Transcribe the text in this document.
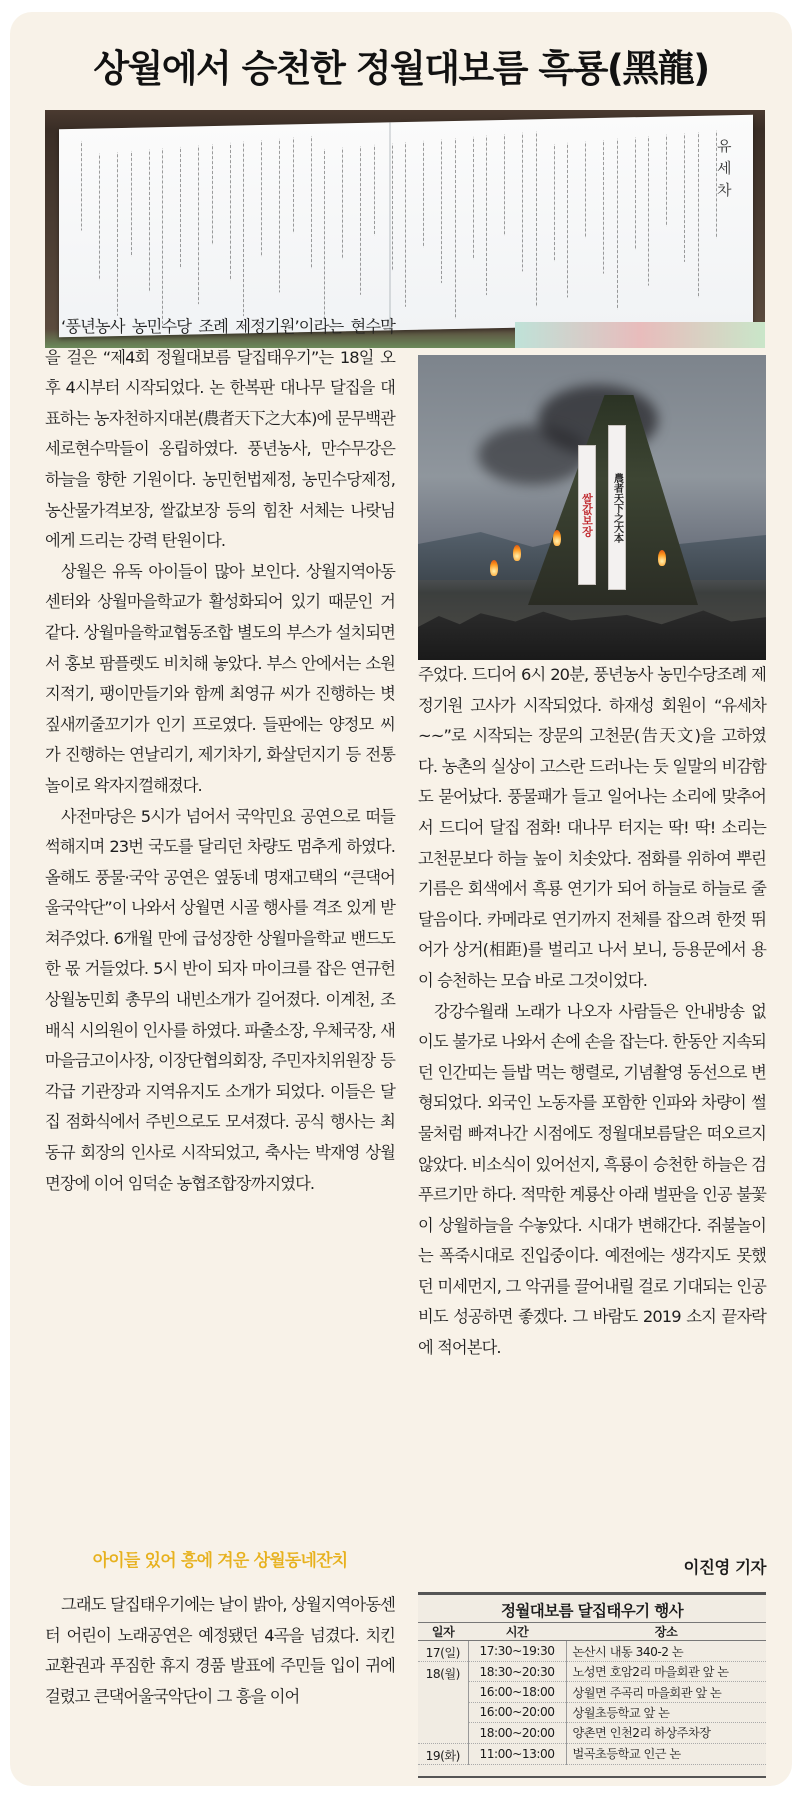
상월에서 승천한 정월대보름 흑룡(黑龍)
유세차
쌀값보장 農者天下之大本

‘풍년농사 농민수당 조례 제정기원’이라는 현수막을 걸은 “제4회 정월대보름 달집태우기”는 18일 오후 4시부터 시작되었다. 논 한복판 대나무 달집을 대표하는 농자천하지대본(農者天下之大本)에 문무백관 세로현수막들이 옹립하였다. 풍년농사, 만수무강은 하늘을 향한 기원이다. 농민헌법제정, 농민수당제정, 농산물가격보장, 쌀값보장 등의 힘찬 서체는 나랏님에게 드리는 강력 탄원이다.

상월은 유독 아이들이 많아 보인다. 상월지역아동센터와 상월마을학교가 활성화되어 있기 때문인 거 같다. 상월마을학교협동조합 별도의 부스가 설치되면서 홍보 팜플렛도 비치해 놓았다. 부스 안에서는 소원지적기, 팽이만들기와 함께 최영규 씨가 진행하는 볏짚새끼줄꼬기가 인기 프로였다. 들판에는 양정모 씨가 진행하는 연날리기, 제기차기, 화살던지기 등 전통놀이로 왁자지껄해졌다.

사전마당은 5시가 넘어서 국악민요 공연으로 떠들썩해지며 23번 국도를 달리던 차량도 멈추게 하였다. 올해도 풍물·국악 공연은 옆동네 명재고택의 “큰댁어울국악단”이 나와서 상월면 시골 행사를 격조 있게 받쳐주었다. 6개월 만에 급성장한 상월마을학교 밴드도 한 몫 거들었다. 5시 반이 되자 마이크를 잡은 연규헌 상월농민회 총무의 내빈소개가 길어졌다. 이계천, 조배식 시의원이 인사를 하였다. 파출소장, 우체국장, 새마을금고이사장, 이장단협의회장, 주민자치위원장 등 각급 기관장과 지역유지도 소개가 되었다. 이들은 달집 점화식에서 주빈으로도 모셔졌다. 공식 행사는 최동규 회장의 인사로 시작되었고, 축사는 박재영 상월면장에 이어 임덕순 농협조합장까지였다.

아이들 있어 흥에 겨운 상월동네잔치

그래도 달집태우기에는 날이 밝아, 상월지역아동센터 어린이 노래공연은 예정됐던 4곡을 넘겼다. 치킨교환권과 푸짐한 휴지 경품 발표에 주민들 입이 귀에 걸렸고 큰댁어울국악단이 그 흥을 이어

주었다. 드디어 6시 20분, 풍년농사 농민수당조례 제정기원 고사가 시작되었다. 하재성 회원이 “유세차~~”로 시작되는 장문의 고천문(告天文)을 고하였다. 농촌의 실상이 고스란 드러나는 듯 일말의 비감함도 묻어났다. 풍물패가 들고 일어나는 소리에 맞추어서 드디어 달집 점화! 대나무 터지는 딱! 딱! 소리는 고천문보다 하늘 높이 치솟았다. 점화를 위하여 뿌린 기름은 회색에서 흑룡 연기가 되어 하늘로 하늘로 줄달음이다. 카메라로 연기까지 전체를 잡으려 한껏 뛰어가 상거(相距)를 벌리고 나서 보니, 등용문에서 용이 승천하는 모습 바로 그것이었다.

강강수월래 노래가 나오자 사람들은 안내방송 없이도 불가로 나와서 손에 손을 잡는다. 한동안 지속되던 인간띠는 들밥 먹는 행렬로, 기념촬영 동선으로 변형되었다. 외국인 노동자를 포함한 인파와 차량이 썰물처럼 빠져나간 시점에도 정월대보름달은 떠오르지 않았다. 비소식이 있어선지, 흑룡이 승천한 하늘은 검푸르기만 하다. 적막한 계룡산 아래 벌판을 인공 불꽃이 상월하늘을 수놓았다. 시대가 변해간다. 쥐불놀이는 폭죽시대로 진입중이다. 예전에는 생각지도 못했던 미세먼지, 그 악귀를 끌어내릴 걸로 기대되는 인공비도 성공하면 좋겠다. 그 바람도 2019 소지 끝자락에 적어본다.

이진영 기자
정월대보름 달집태우기 행사
일자	시간	장소
17(일)	17:30~19:30	논산시 내동 340-2 논
18(월)	18:30~20:30	노성면 호암2리 마을회관 앞 논
	16:00~18:00	상월면 주곡리 마을회관 앞 논
	16:00~20:00	상월초등학교 앞 논
	18:00~20:00	양촌면 인천2리 하상주차장
19(화)	11:00~13:00	벌곡초등학교 인근 논
